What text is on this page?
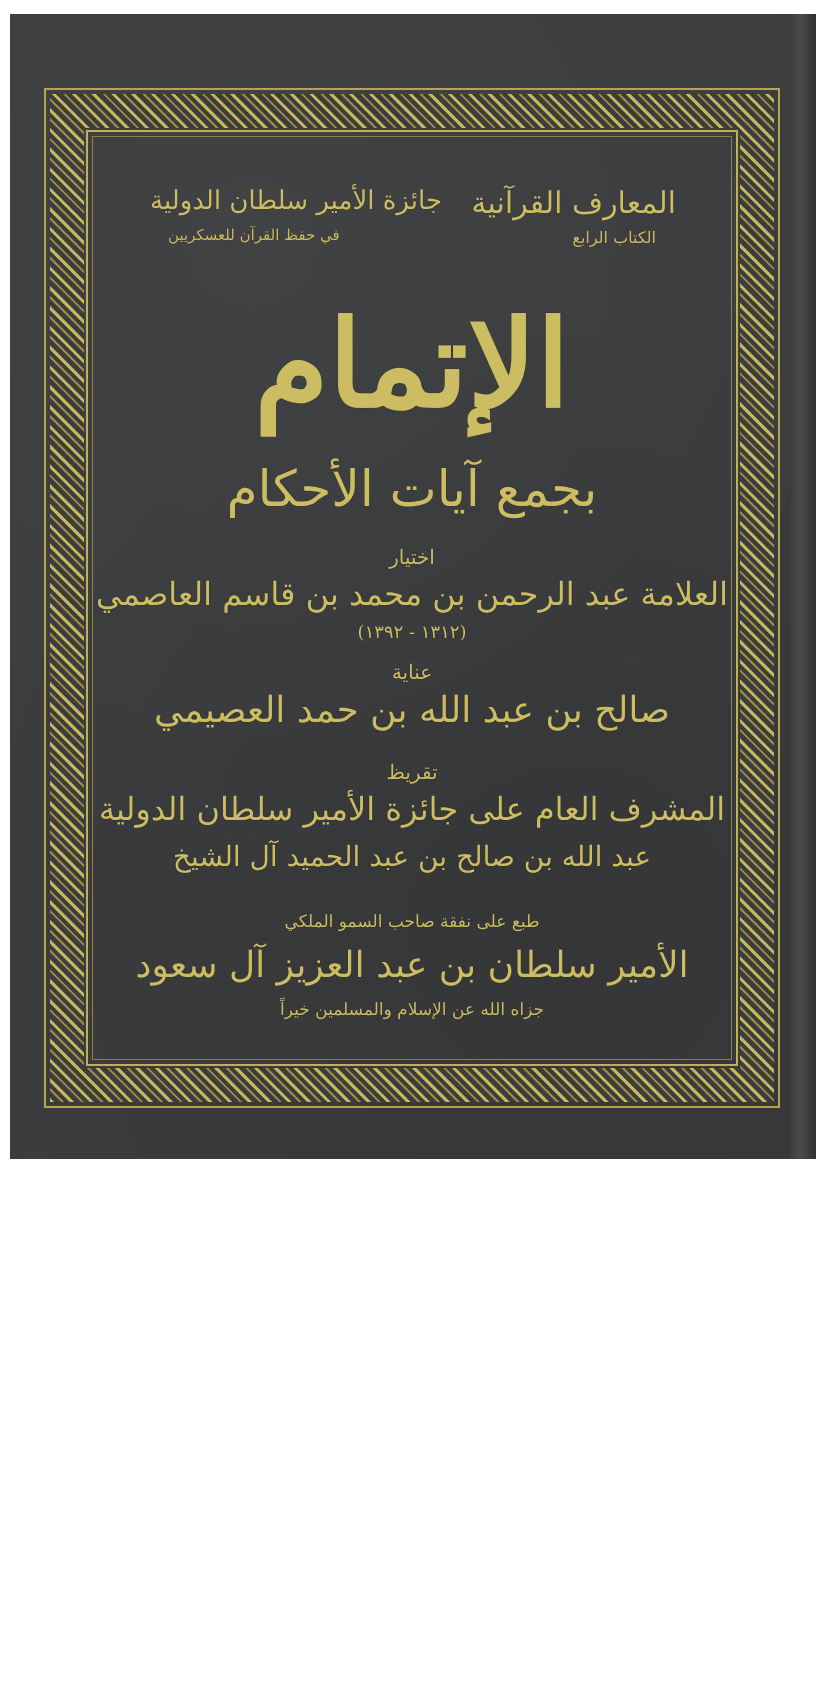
المعارف القرآنية
الكتاب الرابع
جائزة الأمير سلطان الدولية
في حفظ القرآن للعسكريين
الإتمام
بجمع آيات الأحكام
اختيار
العلامة عبد الرحمن بن محمد بن قاسم العاصمي
(١٣١٢ - ١٣٩٢)
عناية
صالح بن عبد الله بن حمد العصيمي
تقريظ
المشرف العام على جائزة الأمير سلطان الدولية
عبد الله بن صالح بن عبد الحميد آل الشيخ
طبع على نفقة صاحب السمو الملكي
الأمير سلطان بن عبد العزيز آل سعود
جزاه الله عن الإسلام والمسلمين خيراً
